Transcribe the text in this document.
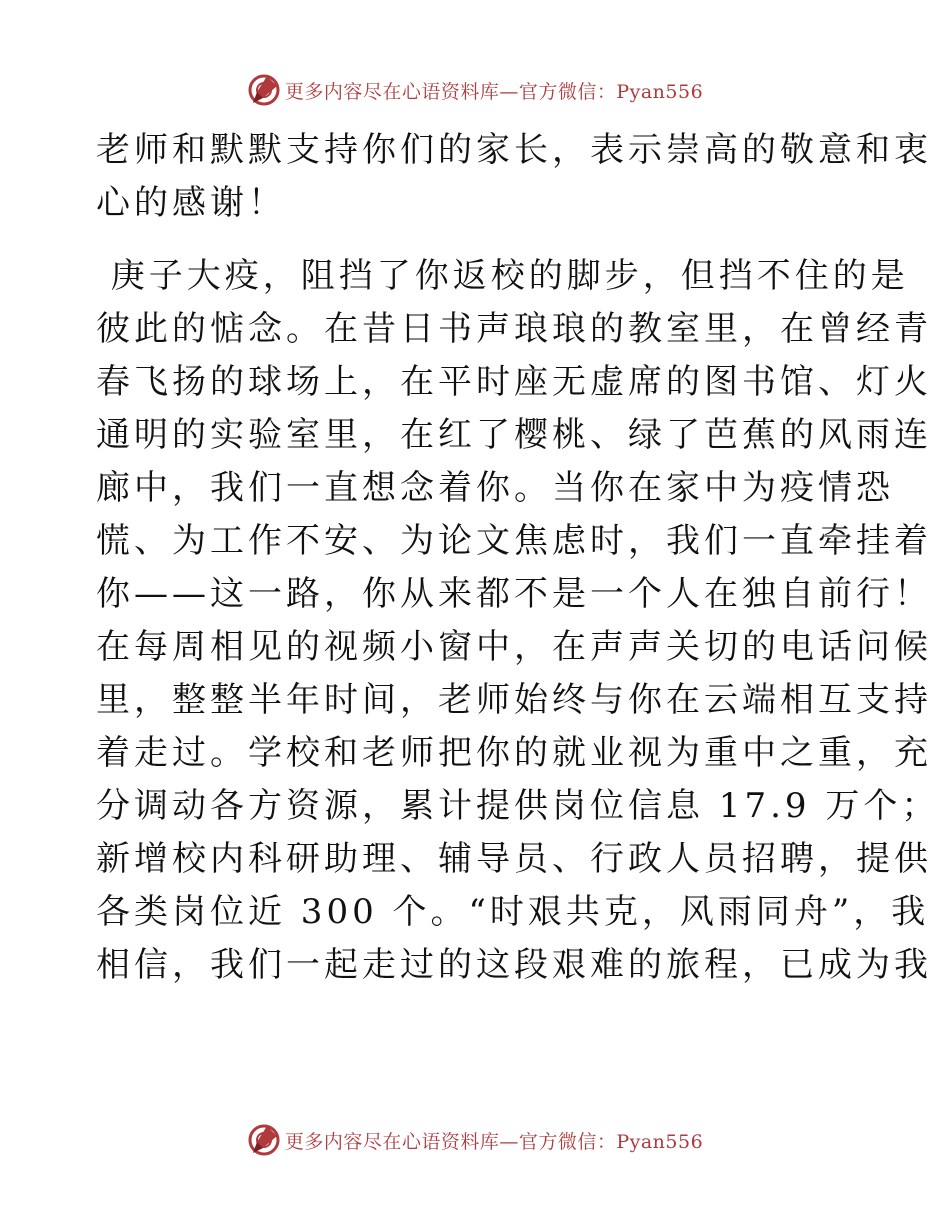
更多内容尽在心语资料库—官方微信：Pyan556
老师和默默支持你们的家长，表示崇高的敬意和衷
心的感谢！
庚子大疫，阻挡了你返校的脚步，但挡不住的是
彼此的惦念。在昔日书声琅琅的教室里，在曾经青
春飞扬的球场上，在平时座无虚席的图书馆、灯火
通明的实验室里，在红了樱桃、绿了芭蕉的风雨连
廊中，我们一直想念着你。当你在家中为疫情恐
慌、为工作不安、为论文焦虑时，我们一直牵挂着
你——这一路，你从来都不是一个人在独自前行！
在每周相见的视频小窗中，在声声关切的电话问候
里，整整半年时间，老师始终与你在云端相互支持
着走过。学校和老师把你的就业视为重中之重，充
分调动各方资源，累计提供岗位信息 17.9 万个；
新增校内科研助理、辅导员、行政人员招聘，提供
各类岗位近 300 个。“时艰共克，风雨同舟”，我
相信，我们一起走过的这段艰难的旅程，已成为我
更多内容尽在心语资料库—官方微信：Pyan556
